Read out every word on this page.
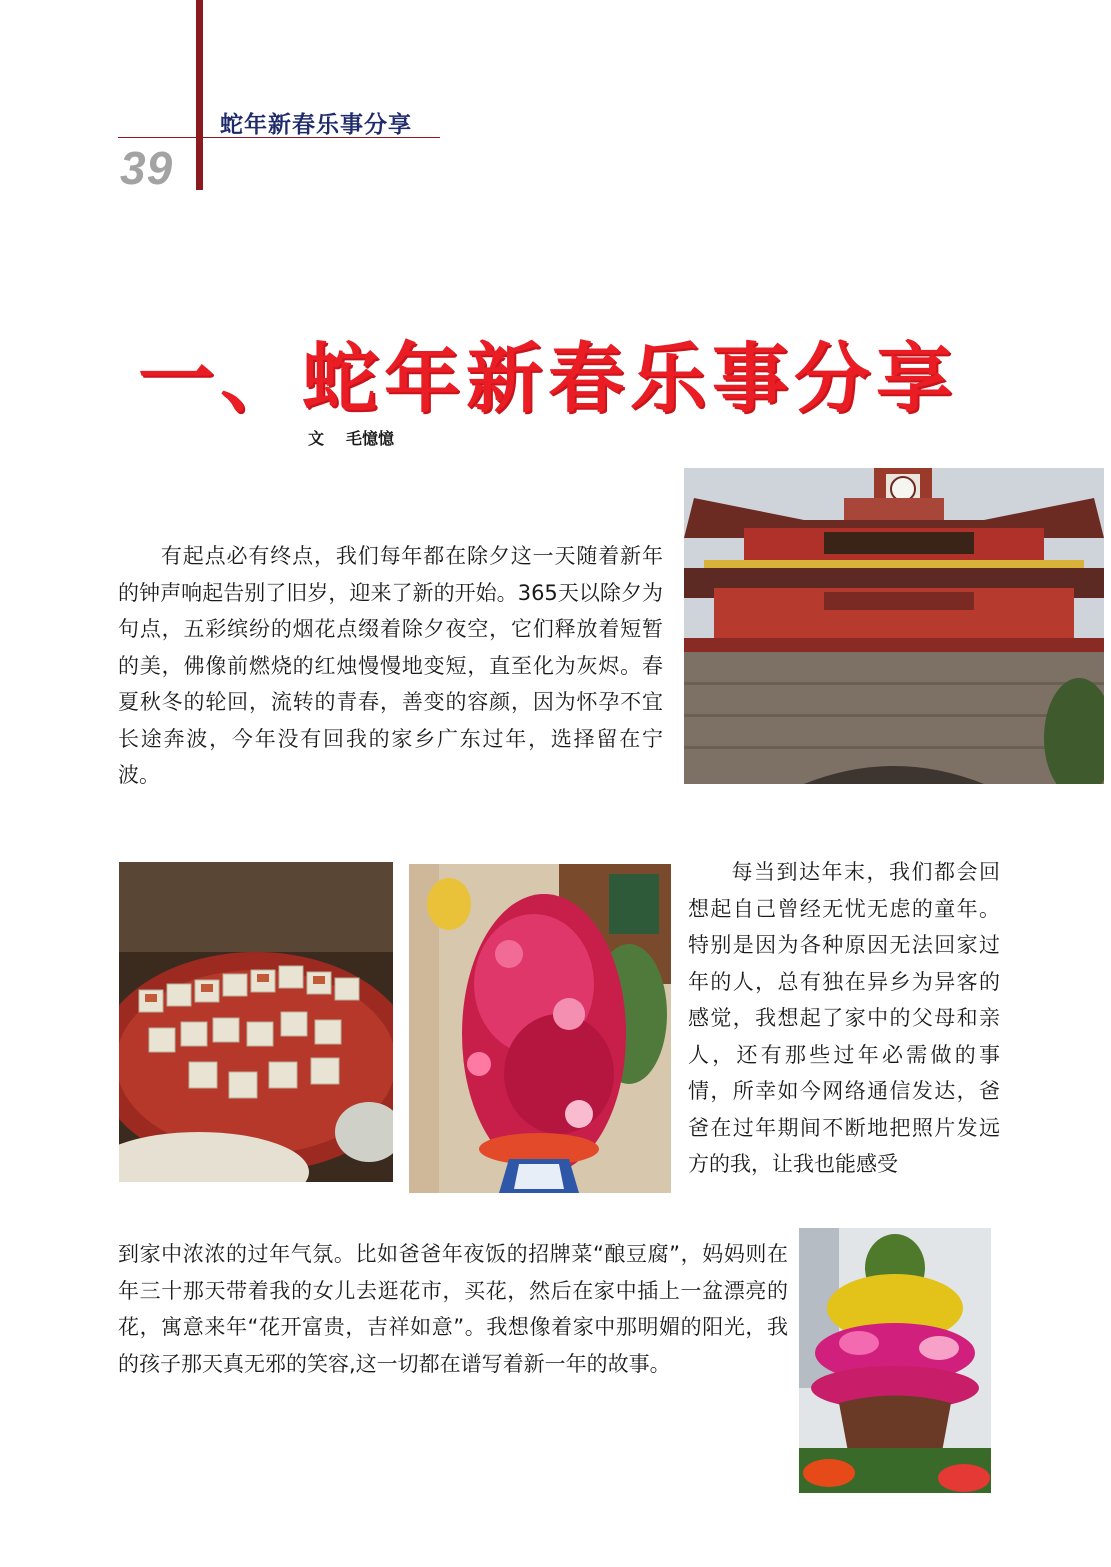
蛇年新春乐事分享
39
一、蛇年新春乐事分享
文 毛憶憶

有起点必有终点，我们每年都在除夕这一天随着新年的钟声响起告别了旧岁，迎来了新的开始。365天以除夕为句点，五彩缤纷的烟花点缀着除夕夜空，它们释放着短暂的美，佛像前燃烧的红烛慢慢地变短，直至化为灰烬。春夏秋冬的轮回，流转的青春，善变的容颜，因为怀孕不宜长途奔波，今年没有回我的家乡广东过年，选择留在宁波。

每当到达年末，我们都会回想起自己曾经无忧无虑的童年。特别是因为各种原因无法回家过年的人，总有独在异乡为异客的感觉，我想起了家中的父母和亲人，还有那些过年必需做的事情，所幸如今网络通信发达，爸爸在过年期间不断地把照片发远方的我，让我也能感受

到家中浓浓的过年气氛。比如爸爸年夜饭的招牌菜“酿豆腐”，妈妈则在年三十那天带着我的女儿去逛花市，买花，然后在家中插上一盆漂亮的花，寓意来年“花开富贵，吉祥如意”。我想像着家中那明媚的阳光，我的孩子那天真无邪的笑容,这一切都在谱写着新一年的故事。
